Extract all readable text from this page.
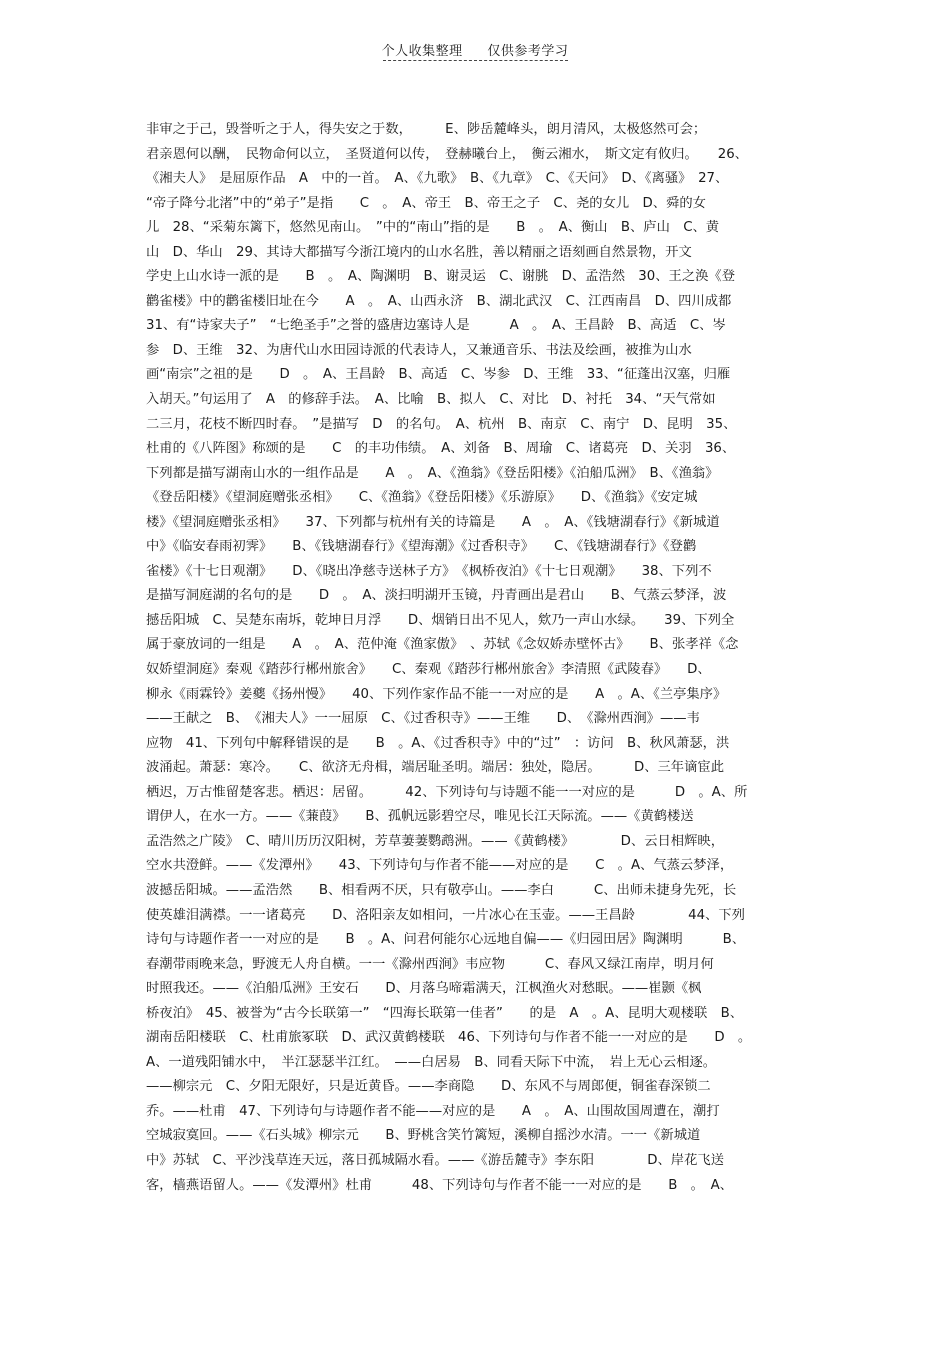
个人收集整理 仅供参考学习
非审之于己，毁誉听之于人，得失安之于数，　　　E、陟岳麓峰头，朗月清风，太极悠然可会；
君亲恩何以酬，　民物命何以立，　圣贤道何以传，　登赫曦台上，　衡云湘水，　斯文定有攸归。　　26、
《湘夫人》　是屈原作品　A　中的一首。　A、《九歌》　B、《九章》　C、《天问》　D、《离骚》　27、
“帝子降兮北渚”中的“弟子”是指　　C　。　A、帝王　B、帝王之子　C、尧的女儿　D、舜的女
儿　28、“采菊东篱下，悠然见南山。　”中的“南山”指的是　　B　。　A、衡山　B、庐山　C、黄
山　D、华山　29、其诗大都描写今浙江境内的山水名胜，善以精丽之语刻画自然景物，开文
学史上山水诗一派的是　　B　。　A、陶渊明　B、谢灵运　C、谢朓　D、孟浩然　30、王之涣《登
鹳雀楼》中的鹳雀楼旧址在今　　A　。　A、山西永济　B、湖北武汉　C、江西南昌　D、四川成都
31、有“诗家夫子”　“七绝圣手”之誉的盛唐边塞诗人是　　　A　。　A、王昌龄　B、高适　C、岑
参　D、王维　32、为唐代山水田园诗派的代表诗人，又兼通音乐、书法及绘画，被推为山水
画“南宗”之祖的是　　D　。　A、王昌龄　B、高适　C、岑参　D、王维　33、“征蓬出汉塞，归雁
入胡天。”句运用了　A　的修辞手法。　A、比喻　B、拟人　C、对比　D、衬托　34、“天气常如
二三月，花枝不断四时春。　”是描写　D　的名句。　A、杭州　B、南京　C、南宁　D、昆明　35、
杜甫的《八阵图》称颂的是　　C　的丰功伟绩。　A、刘备　B、周瑜　C、诸葛亮　D、关羽　36、
下列都是描写湖南山水的一组作品是　　A　。　A、《渔翁》《登岳阳楼》《泊船瓜洲》　B、《渔翁》
《登岳阳楼》《望洞庭赠张丞相》　　C、《渔翁》《登岳阳楼》《乐游原》　　D、《渔翁》《安定城
楼》《望洞庭赠张丞相》　　37、下列都与杭州有关的诗篇是　　A　。　A、《钱塘湖春行》《新城道
中》《临安春雨初霁》　　B、《钱塘湖春行》《望海潮》《过香积寺》　　C、《钱塘湖春行》《登鹳
雀楼》《十七日观潮》　　D、《晓出净慈寺送林子方》　《枫桥夜泊》《十七日观潮》　　38、下列不
是描写洞庭湖的名句的是　　D　。　A、淡扫明湖开玉镜，丹青画出是君山　　B、气蒸云梦泽，波
撼岳阳城　C、吴楚东南坼，乾坤日月浮　　D、烟销日出不见人，欸乃一声山水绿。　　39、下列全
属于豪放词的一组是　　A　。　A、范仲淹《渔家傲》　、苏轼《念奴娇赤壁怀古》　　B、张孝祥《念
奴娇望洞庭》秦观《踏莎行郴州旅舍》　　C、秦观《踏莎行郴州旅舍》李清照《武陵春》　　D、
柳永《雨霖铃》姜夔《扬州慢》　　40、下列作家作品不能一一对应的是　　A　。A、《兰亭集序》
——王献之　B、　《湘夫人》一一屈原　C、《过香积寺》——王维　　D、　《滁州西涧》——韦
应物　41、下列句中解释错误的是　　B　。A、《过香积寺》中的“过”　：访问　B、秋风萧瑟，洪
波涌起。萧瑟：寒冷。　　C、欲济无舟楫，端居耻圣明。端居：独处，隐居。　　　D、三年谪宦此
栖迟，万古惟留楚客悲。栖迟：居留。　　　42、下列诗句与诗题不能一一对应的是　　　D　。A、所
谓伊人，在水一方。——《蒹葭》　　B、孤帆远影碧空尽，唯见长江天际流。——《黄鹤楼送
孟浩然之广陵》　C、晴川历历汉阳树，芳草萋萋鹦鹉洲。——《黄鹤楼》　　　　D、云日相辉映，
空水共澄鲜。——《发潭州》　　43、下列诗句与作者不能——对应的是　　C　。A、气蒸云梦泽，
波撼岳阳城。——孟浩然　　B、相看两不厌，只有敬亭山。——李白　　　C、出师未捷身先死，长
使英雄泪满襟。一一诸葛亮　　D、洛阳亲友如相问，一片冰心在玉壶。——王昌龄　　　　44、下列
诗句与诗题作者一一对应的是　　B　。A、问君何能尔心远地自偏——《归园田居》陶渊明　　　B、
春潮带雨晚来急，野渡无人舟自横。一一《滁州西涧》韦应物　　　C、春风又绿江南岸，明月何
时照我还。——《泊船瓜洲》王安石　　D、月落乌啼霜满天，江枫渔火对愁眠。——崔颢《枫
桥夜泊》　45、被誉为“古今长联第一”　“四海长联第一佳者”　　的是　A　。A、昆明大观楼联　B、
湖南岳阳楼联　C、杜甫旅冢联　D、武汉黄鹤楼联　46、下列诗句与作者不能一一对应的是　　D　。
A、一道残阳铺水中，　半江瑟瑟半江红。　——白居易　B、同看天际下中流，　岩上无心云相逐。
——柳宗元　C、夕阳无限好，只是近黄昏。——李商隐　　D、东风不与周郎便，铜雀春深锁二
乔。——杜甫　47、下列诗句与诗题作者不能——对应的是　　A　。　A、山围故国周遭在，潮打
空城寂寞回。——《石头城》柳宗元　　B、野桃含笑竹篱短，溪柳自摇沙水清。一一《新城道
中》苏轼　C、平沙浅草连天远，落日孤城隔水看。——《游岳麓寺》李东阳　　　　D、岸花飞送
客，樯燕语留人。——《发潭州》杜甫　　　48、下列诗句与作者不能一一对应的是　　B　。　A、
